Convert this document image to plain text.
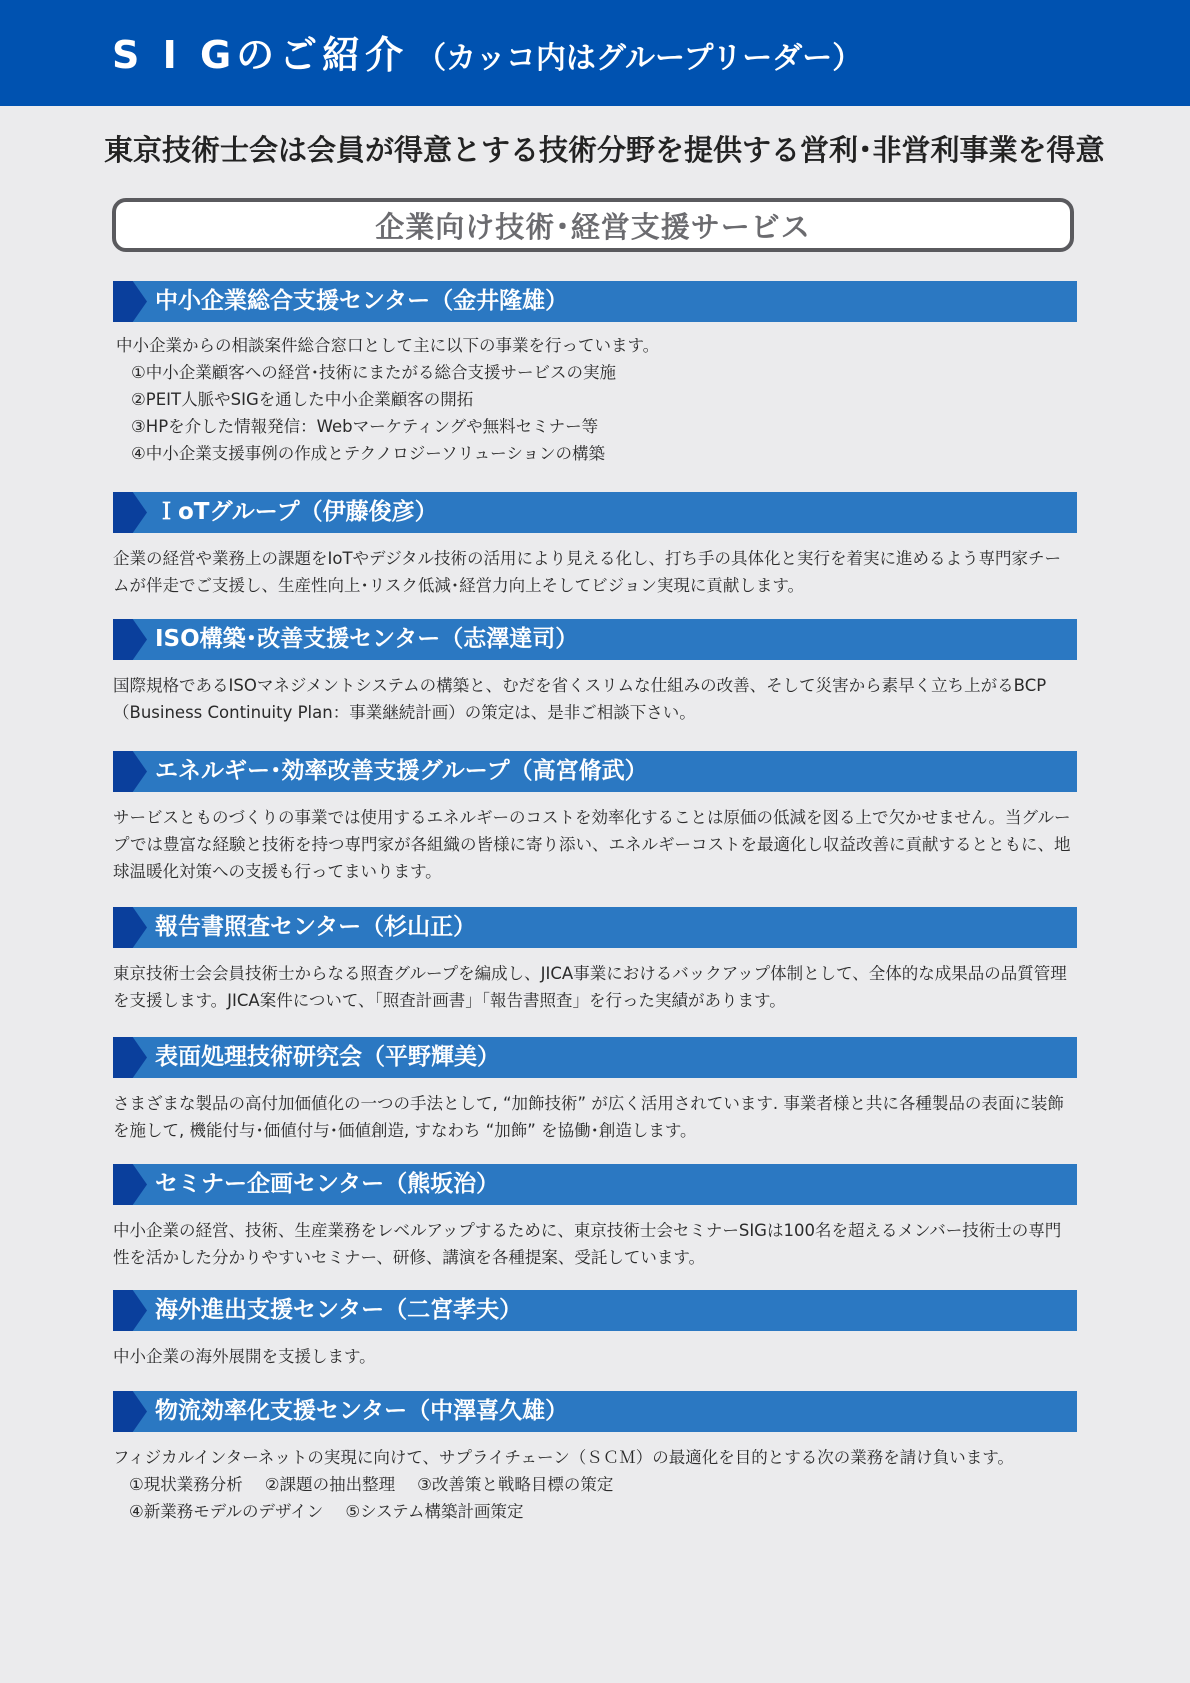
S I Gのご紹介 （カッコ内はグループリーダー）
東京技術士会は会員が得意とする技術分野を提供する営利･非営利事業を得意
企業向け技術･経営支援サービス
中小企業総合支援センター（金井隆雄）
中小企業からの相談案件総合窓口として主に以下の事業を行っています。
①中小企業顧客への経営･技術にまたがる総合支援サービスの実施
②PEIT人脈やSIGを通した中小企業顧客の開拓
③HPを介した情報発信：Webマーケティングや無料セミナー等
④中小企業支援事例の作成とテクノロジーソリューションの構築
ＩoTグループ（伊藤俊彦）
企業の経営や業務上の課題をIoTやデジタル技術の活用により見える化し、打ち手の具体化と実行を着実に進めるよう専門家チームが伴走でご支援し、生産性向上･リスク低減･経営力向上そしてビジョン実現に貢献します。
ISO構築･改善支援センター（志澤達司）
国際規格であるISOマネジメントシステムの構築と、むだを省くスリムな仕組みの改善、そして災害から素早く立ち上がるBCP（Business Continuity Plan：事業継続計画）の策定は、是非ご相談下さい。
エネルギー･効率改善支援グループ（高宮脩武）
サービスとものづくりの事業では使用するエネルギーのコストを効率化することは原価の低減を図る上で欠かせません。当グループでは豊富な経験と技術を持つ専門家が各組織の皆様に寄り添い、エネルギーコストを最適化し収益改善に貢献するとともに、地球温暖化対策への支援も行ってまいります。
報告書照査センター（杉山正）
東京技術士会会員技術士からなる照査グループを編成し、JICA事業におけるバックアップ体制として、全体的な成果品の品質管理を支援します。JICA案件について、「照査計画書」「報告書照査」を行った実績があります。
表面処理技術研究会（平野輝美）
さまざまな製品の高付加価値化の一つの手法として, “加飾技術” が広く活用されています. 事業者様と共に各種製品の表面に装飾を施して, 機能付与･価値付与･価値創造, すなわち “加飾” を協働･創造します。
セミナー企画センター（熊坂治）
中小企業の経営、技術、生産業務をレベルアップするために、東京技術士会セミナーSIGは100名を超えるメンバー技術士の専門性を活かした分かりやすいセミナー、研修、講演を各種提案、受託しています。
海外進出支援センター（二宮孝夫）
中小企業の海外展開を支援します。
物流効率化支援センター（中澤喜久雄）
フィジカルインターネットの実現に向けて、サプライチェーン（ＳＣＭ）の最適化を目的とする次の業務を請け負います。
①現状業務分析 ②課題の抽出整理 ③改善策と戦略目標の策定
④新業務モデルのデザイン ⑤システム構築計画策定
